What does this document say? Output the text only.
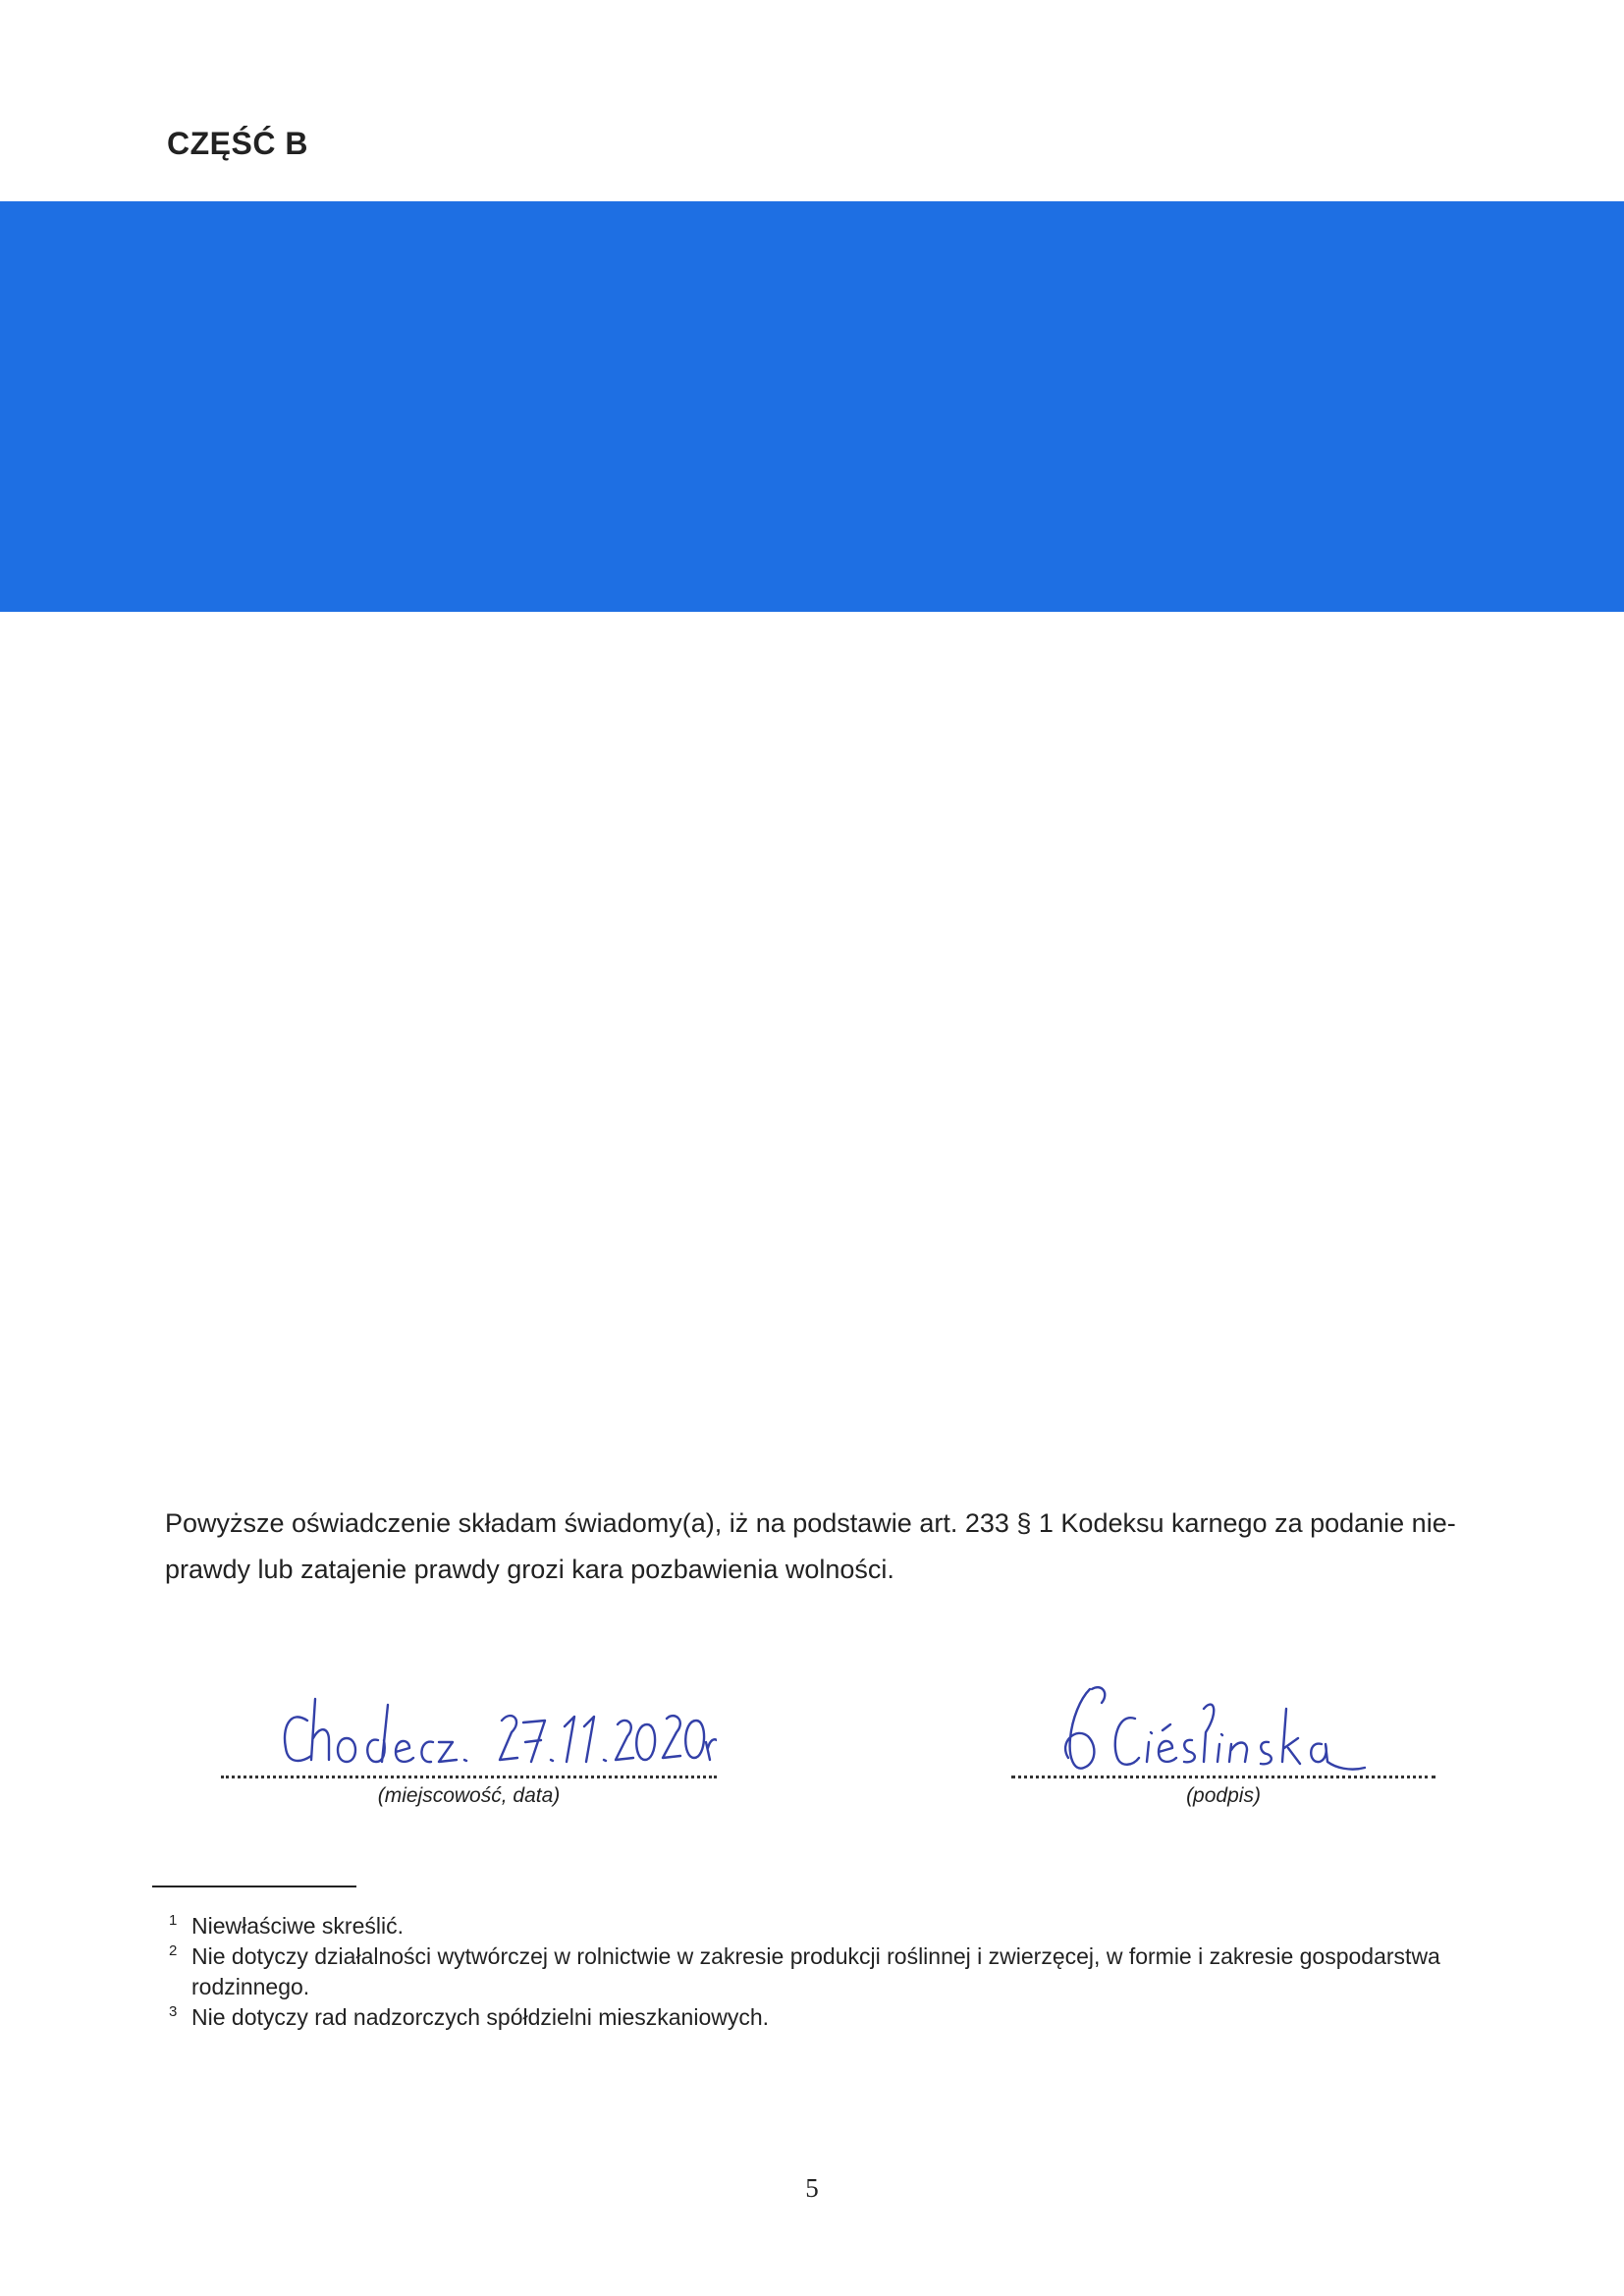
CZĘŚĆ B
Powyższe oświadczenie składam świadomy(a), iż na podstawie art. 233 § 1 Kodeksu karnego za podanie nie-prawdy lub zatajenie prawdy grozi kara pozbawienia wolności.
(miejscowość, data)	(podpis)
1 Niewłaściwe skreślić.
2 Nie dotyczy działalności wytwórczej w rolnictwie w zakresie produkcji roślinnej i zwierzęcej, w formie i zakresie gospodarstwa rodzinnego.
3 Nie dotyczy rad nadzorczych spółdzielni mieszkaniowych.
5
